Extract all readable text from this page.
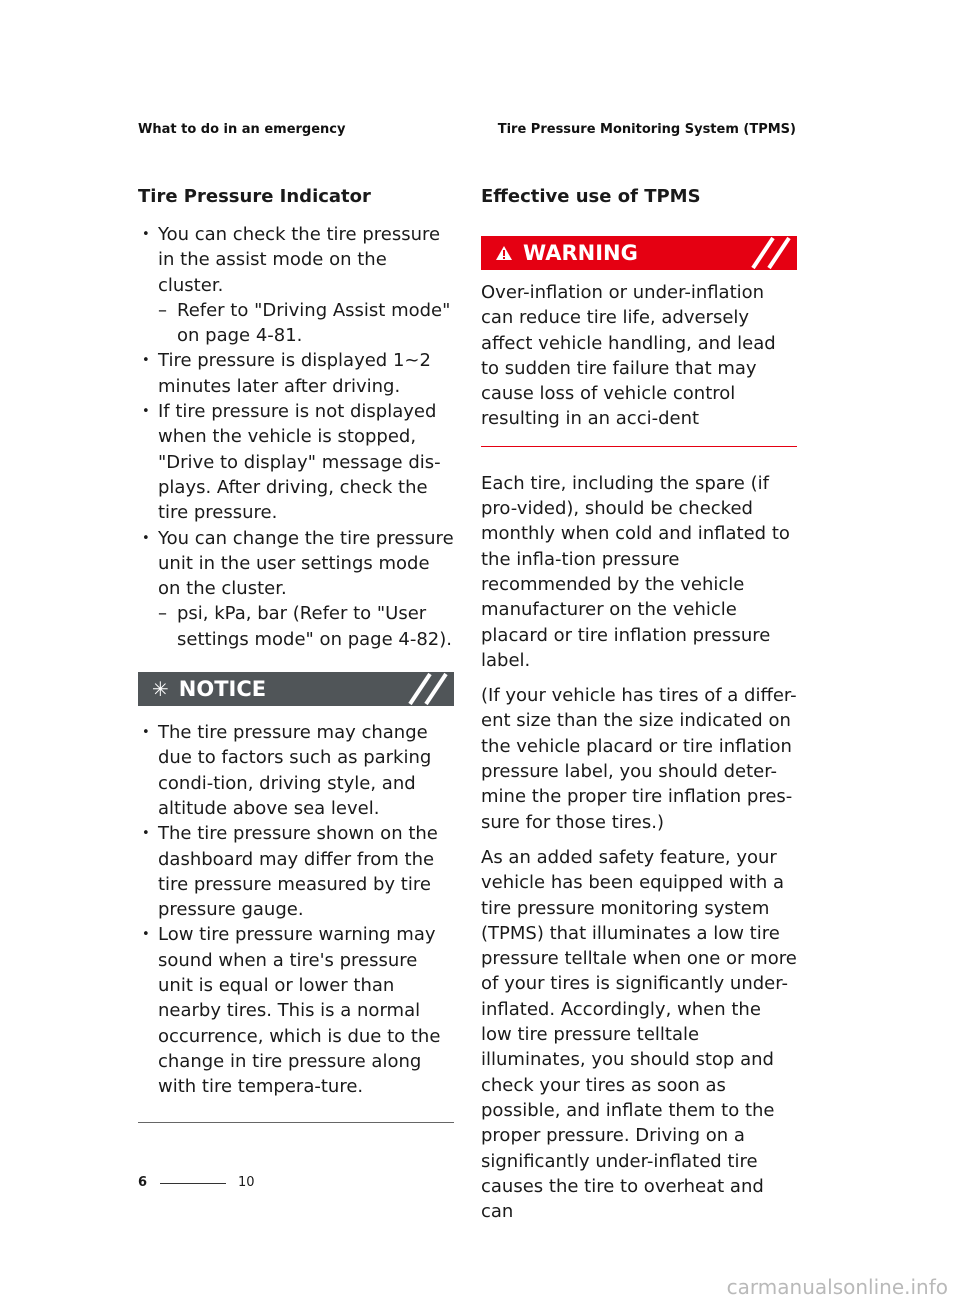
What to do in an emergency	Tire Pressure Monitoring System (TPMS)
Tire Pressure Indicator
• You can check the tire pressure in the assist mode on the cluster.
– Refer to "Driving Assist mode" on page 4-81.
• Tire pressure is displayed 1~2 minutes later after driving.
• If tire pressure is not displayed when the vehicle is stopped, "Drive to display" message dis-plays. After driving, check the tire pressure.
• You can change the tire pressure unit in the user settings mode on the cluster.
– psi, kPa, bar (Refer to "User settings mode" on page 4-82).
✳ NOTICE
• The tire pressure may change due to factors such as parking condi-tion, driving style, and altitude above sea level.
• The tire pressure shown on the dashboard may differ from the tire pressure measured by tire pressure gauge.
• Low tire pressure warning may sound when a tire's pressure unit is equal or lower than nearby tires. This is a normal occurrence, which is due to the change in tire pressure along with tire tempera-ture.
Effective use of TPMS
WARNING

Over-inflation or under-inflation can reduce tire life, adversely affect vehicle handling, and lead to sudden tire failure that may cause loss of vehicle control resulting in an acci-dent

Each tire, including the spare (if pro-vided), should be checked monthly when cold and inflated to the infla-tion pressure recommended by the vehicle manufacturer on the vehicle placard or tire inflation pressure label.

(If your vehicle has tires of a differ-ent size than the size indicated on the vehicle placard or tire inflation pressure label, you should deter-mine the proper tire inflation pres-sure for those tires.)

As an added safety feature, your vehicle has been equipped with a tire pressure monitoring system (TPMS) that illuminates a low tire pressure telltale when one or more of your tires is significantly under-inflated. Accordingly, when the low tire pressure telltale illuminates, you should stop and check your tires as soon as possible, and inflate them to the proper pressure. Driving on a significantly under-inflated tire causes the tire to overheat and can

6	10
carmanualsonline.info
